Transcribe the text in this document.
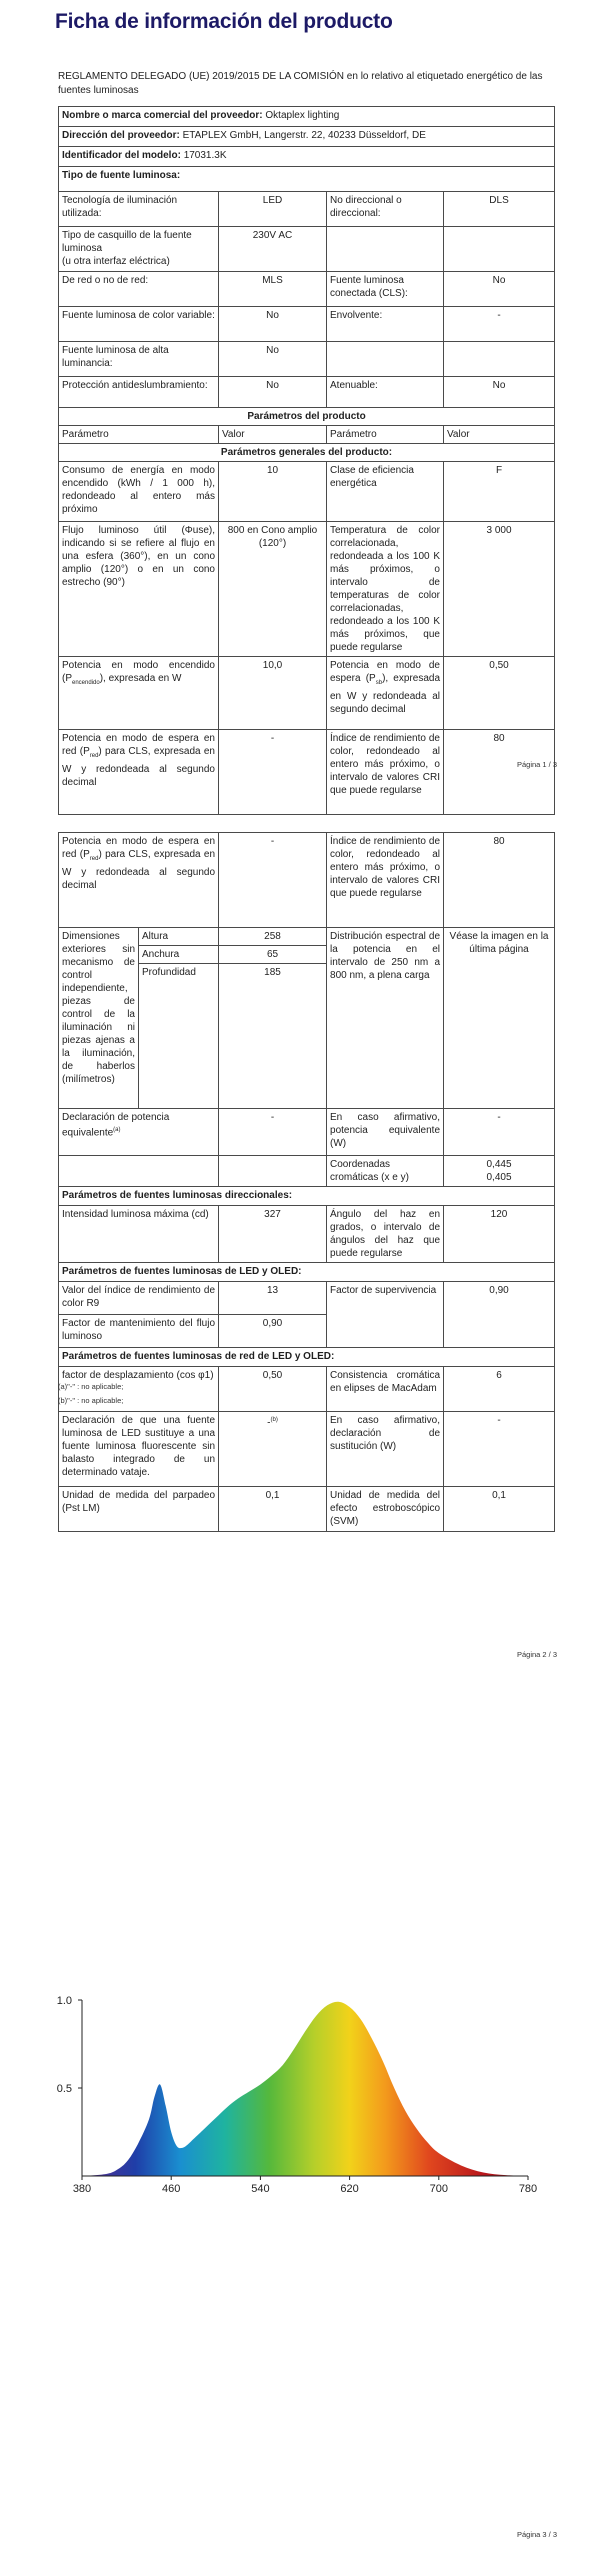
Ficha de información del producto
REGLAMENTO DELEGADO (UE) 2019/2015 DE LA COMISIÓN en lo relativo al etiquetado energético de las fuentes luminosas
Nombre o marca comercial del proveedor: Oktaplex lighting			
Dirección del proveedor: ETAPLEX GmbH, Langerstr. 22, 40233 Düsseldorf, DE			
Identificador del modelo: 17031.3K			
Tipo de fuente luminosa:			
Tecnología de iluminación utilizada:	LED	No direccional o direccional:	DLS
Tipo de casquillo de la fuente luminosa
(u otra interfaz eléctrica)	230V AC		
De red o no de red:	MLS	Fuente luminosa conectada (CLS):	No
Fuente luminosa de color variable:	No	Envolvente:	-
Fuente luminosa de alta luminancia:	No		
Protección antideslumbramiento:	No	Atenuable:	No
Parámetros del producto			
Parámetro	Valor	Parámetro	Valor
Parámetros generales del producto:			
Consumo de energía en modo encendido (kWh / 1 000 h), redondeado al entero más próximo	10	Clase de eficiencia energética	F
Flujo luminoso útil (Φuse), indicando si se refiere al flujo en una esfera (360°), en un cono amplio (120°) o en un cono estrecho (90°)	800 en Cono amplio (120°)	Temperatura de color correlacionada, redondeada a los 100 K más próximos, o intervalo de temperaturas de color correlacionadas, redondeado a los 100 K más próximos, que puede regularse	3 000
Potencia en modo encendido $(P_{encendido})$, expresada en W	10,0	Potencia en modo de espera $(P_{sb})$, expresada en W y redondeada al segundo decimal	0,50
Potencia en modo de espera en red $(P_{red})$ para CLS, expresada en W y redondeada al segundo decimal	-	Índice de rendimiento de color, redondeado al entero más próximo, o intervalo de valores CRI que puede regularse	80
Página 1 / 3
Potencia en modo de espera en red $(P_{red})$ para CLS, expresada en W y redondeada al segundo decimal		-	Índice de rendimiento de color, redondeado al entero más próximo, o intervalo de valores CRI que puede regularse	80
Dimensiones exteriores sin mecanismo de control independiente, piezas de control de la iluminación ni piezas ajenas a la iluminación, de haberlos (milímetros)	Altura	258	Distribución espectral de la potencia en el intervalo de 250 nm a 800 nm, a plena carga	Véase la imagen en la última página
	Anchura	65		
	Profundidad	185		
Declaración de potencia equivalente$^{(a)}$		-	En caso afirmativo, potencia equivalente (W)	-
			Coordenadas cromáticas (x e y)	0,445
0,405
Parámetros de fuentes luminosas direccionales:				
Intensidad luminosa máxima (cd)		327	Ángulo del haz en grados, o intervalo de ángulos del haz que puede regularse	120
Parámetros de fuentes luminosas de LED y OLED:				
Valor del índice de rendimiento de color R9		13	Factor de supervivencia	0,90
Factor de mantenimiento del flujo luminoso		0,90		
Parámetros de fuentes luminosas de red de LED y OLED:				
factor de desplazamiento (cos φ1)		0,50	Consistencia cromática en elipses de MacAdam	6
Declaración de que una fuente luminosa de LED sustituye a una fuente luminosa fluorescente sin balasto integrado de un determinado vataje.		-$^{(b)}$	En caso afirmativo, declaración de sustitución (W)	-
Unidad de medida del parpadeo (Pst LM)		0,1	Unidad de medida del efecto estroboscópico (SVM)	0,1
(a)"-" : no aplicable;
(b)"-" : no aplicable;
Página 2 / 3
380	460	540	620	700	780
1.0
0.5
Página 3 / 3
